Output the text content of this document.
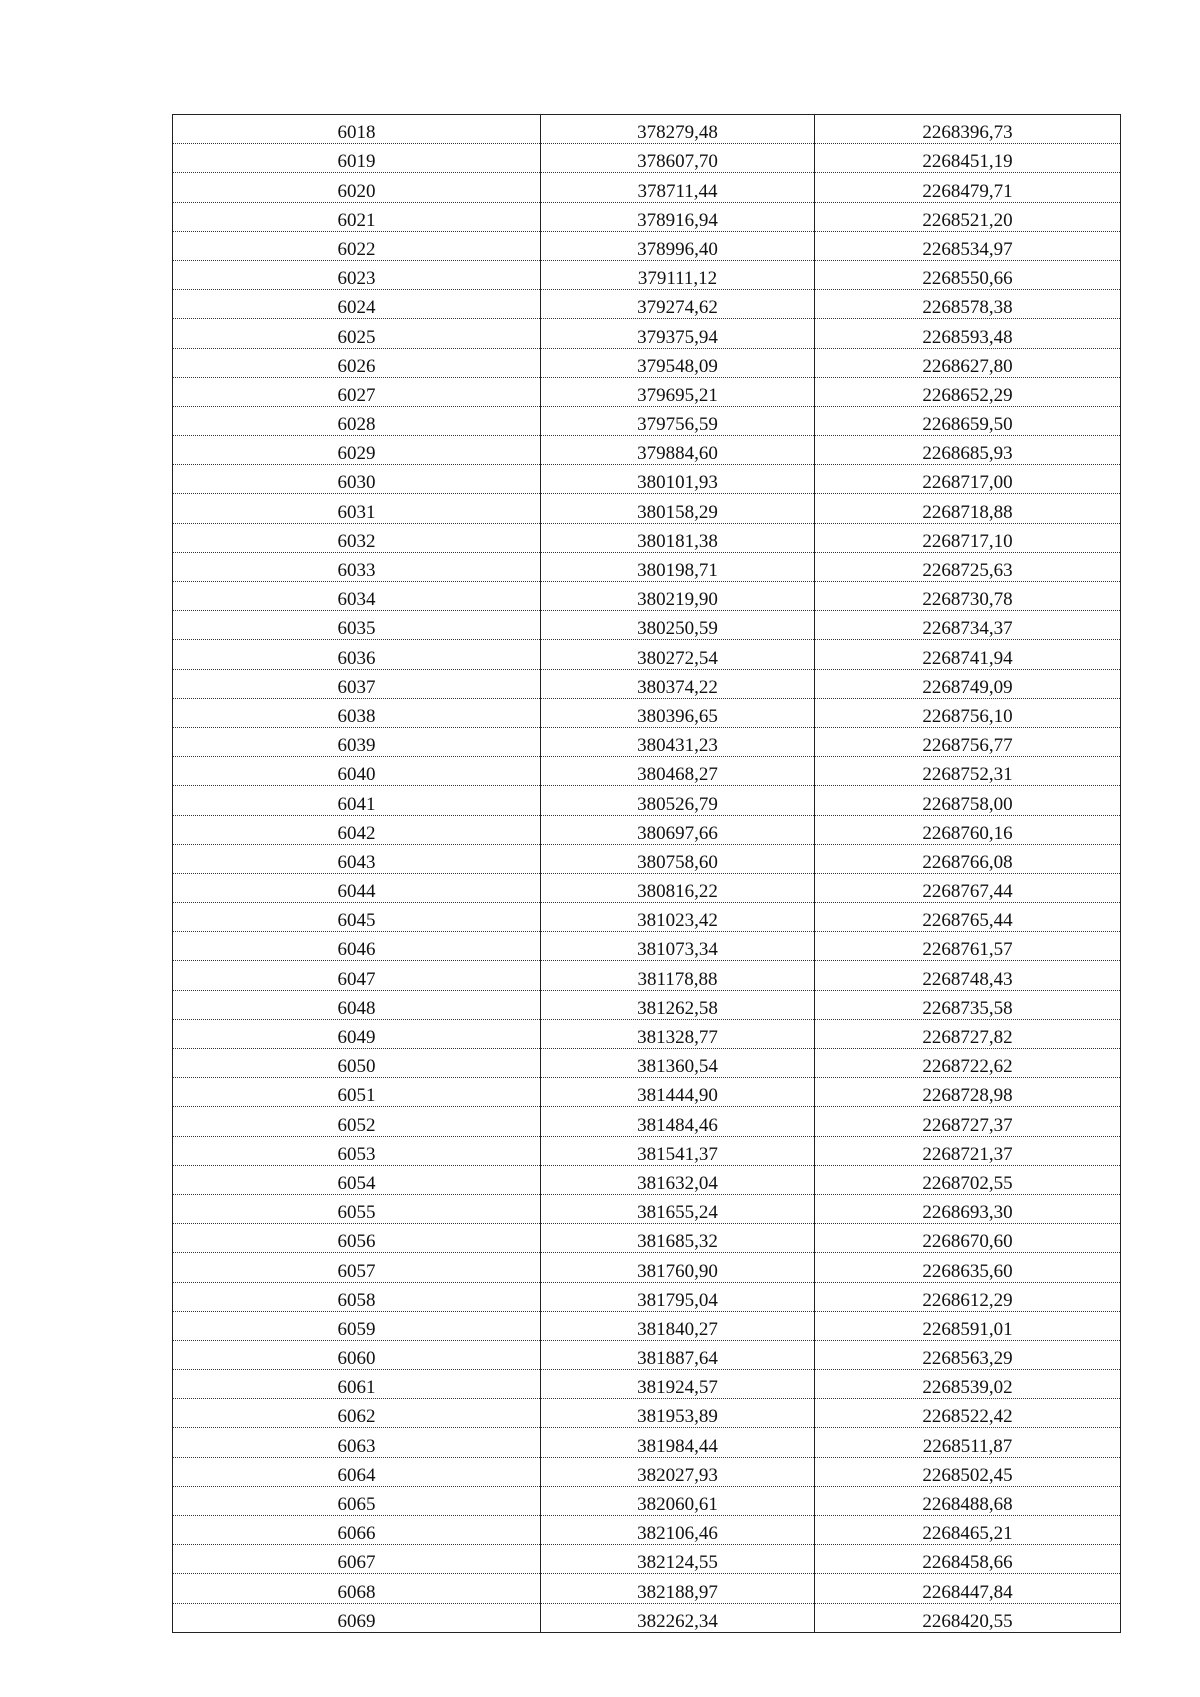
6018	378279,48	2268396,73
6019	378607,70	2268451,19
6020	378711,44	2268479,71
6021	378916,94	2268521,20
6022	378996,40	2268534,97
6023	379111,12	2268550,66
6024	379274,62	2268578,38
6025	379375,94	2268593,48
6026	379548,09	2268627,80
6027	379695,21	2268652,29
6028	379756,59	2268659,50
6029	379884,60	2268685,93
6030	380101,93	2268717,00
6031	380158,29	2268718,88
6032	380181,38	2268717,10
6033	380198,71	2268725,63
6034	380219,90	2268730,78
6035	380250,59	2268734,37
6036	380272,54	2268741,94
6037	380374,22	2268749,09
6038	380396,65	2268756,10
6039	380431,23	2268756,77
6040	380468,27	2268752,31
6041	380526,79	2268758,00
6042	380697,66	2268760,16
6043	380758,60	2268766,08
6044	380816,22	2268767,44
6045	381023,42	2268765,44
6046	381073,34	2268761,57
6047	381178,88	2268748,43
6048	381262,58	2268735,58
6049	381328,77	2268727,82
6050	381360,54	2268722,62
6051	381444,90	2268728,98
6052	381484,46	2268727,37
6053	381541,37	2268721,37
6054	381632,04	2268702,55
6055	381655,24	2268693,30
6056	381685,32	2268670,60
6057	381760,90	2268635,60
6058	381795,04	2268612,29
6059	381840,27	2268591,01
6060	381887,64	2268563,29
6061	381924,57	2268539,02
6062	381953,89	2268522,42
6063	381984,44	2268511,87
6064	382027,93	2268502,45
6065	382060,61	2268488,68
6066	382106,46	2268465,21
6067	382124,55	2268458,66
6068	382188,97	2268447,84
6069	382262,34	2268420,55
